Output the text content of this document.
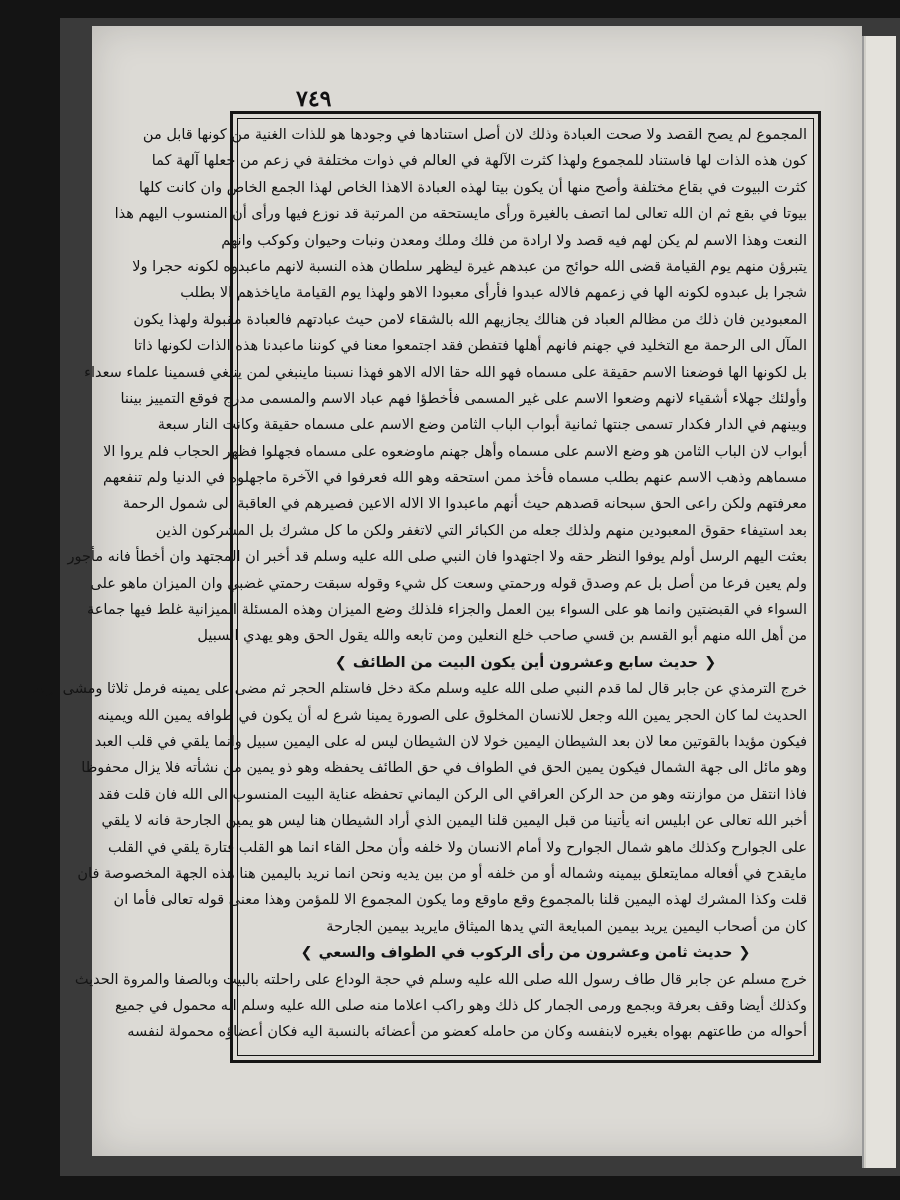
٧٤٩
المجموع لم يصح القصد ولا صحت العبادة وذلك لان أصل استنادها في وجودها هو للذات الغنية من كونها قابل من
كون هذه الذات لها فاستناد للمجموع ولهذا كثرت الآلهة في العالم في ذوات مختلفة في زعم من جعلها آلهة كما
كثرت البيوت في بقاع مختلفة وأصح منها أن يكون بيتا لهذه العبادة الاهذا الخاص لهذا الجمع الخاص وان كانت كلها
بيوتا في بقع ثم ان الله تعالى لما اتصف بالغيرة ورأى مايستحقه من المرتبة قد نوزع فيها ورأى أن المنسوب اليهم هذا
النعت وهذا الاسم لم يكن لهم فيه قصد ولا ارادة من فلك وملك ومعدن ونبات وحيوان وكوكب وانهم
يتبرؤن منهم يوم القيامة قضى الله حوائج من عبدهم غيرة ليظهر سلطان هذه النسبة لانهم ماعبدوه لكونه حجرا ولا
شجرا بل عبدوه لكونه الها في زعمهم فالاله عبدوا فأرأى معبودا الاهو ولهذا يوم القيامة ماياخذهم الا بطلب
المعبودين فان ذلك من مظالم العباد فن هنالك يجازيهم الله بالشقاء لامن حيث عبادتهم فالعبادة مقبولة ولهذا يكون
المآل الى الرحمة مع التخليد في جهنم فانهم أهلها فتفطن فقد اجتمعوا معنا في كوننا ماعبدنا هذه الذات لكونها ذاتا
بل لكونها الها فوضعنا الاسم حقيقة على مسماه فهو الله حقا الاله الاهو فهذا نسبنا ماينبغي لمن ينبغي فسمينا علماء سعداء
وأولئك جهلاء أشقياء لانهم وضعوا الاسم على غير المسمى فأخطؤا فهم عباد الاسم والمسمى مدرج فوقع التمييز بيننا
وبينهم في الدار فكدار تسمى جنتها ثمانية أبواب الباب الثامن وضع الاسم على مسماه حقيقة وكانت النار سبعة
أبواب لان الباب الثامن هو وضع الاسم على مسماه وأهل جهنم ماوضعوه على مسماه فجهلوا فظهر الحجاب فلم يروا الا
مسماهم وذهب الاسم عنهم بطلب مسماه فأخذ ممن استحقه وهو الله فعرفوا في الآخرة ماجهلوه في الدنيا ولم تنفعهم
معرفتهم ولكن راعى الحق سبحانه قصدهم حيث أنهم ماعبدوا الا الاله الاعين فصيرهم في العاقبة الى شمول الرحمة
بعد استيفاء حقوق المعبودين منهم ولذلك جعله من الكبائر التي لاتغفر ولكن ما كل مشرك بل المشركون الذين
بعثت اليهم الرسل أولم يوفوا النظر حقه ولا اجتهدوا فان النبي صلى الله عليه وسلم قد أخبر ان المجتهد وان أخطأ فانه مأجور
ولم يعين فرعا من أصل بل عم وصدق قوله ورحمتي وسعت كل شيء وقوله سبقت رحمتي غضبي وان الميزان ماهو على
السواء في القبضتين وانما هو على السواء بين العمل والجزاء فلذلك وضع الميزان وهذه المسئلة الميزانية غلط فيها جماعة
من أهل الله منهم أبو القسم بن قسي صاحب خلع النعلين ومن تابعه والله يقول الحق وهو يهدي السبيل
❮حديث سابع وعشرون أين يكون البيت من الطائف❯
خرج الترمذي عن جابر قال لما قدم النبي صلى الله عليه وسلم مكة دخل فاستلم الحجر ثم مضى على يمينه فرمل ثلاثا ومشى أربعا
الحديث لما كان الحجر يمين الله وجعل للانسان المخلوق على الصورة يمينا شرع له أن يكون في طوافه يمين الله ويمينه
فيكون مؤيدا بالقوتين معا لان بعد الشيطان اليمين خولا لان الشيطان ليس له على اليمين سبيل وانما يلقي في قلب العبد
وهو مائل الى جهة الشمال فيكون يمين الحق في الطواف في حق الطائف يحفظه وهو ذو يمين من نشأته فلا يزال محفوظا
فاذا انتقل من موازنته وهو من حد الركن العراقي الى الركن اليماني تحفظه عناية البيت المنسوب الى الله فان قلت فقد
أخبر الله تعالى عن ابليس انه يأتينا من قبل اليمين قلنا اليمين الذي أراد الشيطان هنا ليس هو يمين الجارحة فانه لا يلقي
على الجوارح وكذلك ماهو شمال الجوارح ولا أمام الانسان ولا خلفه وأن محل القاء انما هو القلب فتارة يلقي في القلب
مايقدح في أفعاله ممايتعلق بيمينه وشماله أو من خلفه أو من بين يديه ونحن انما نريد باليمين هنا هذه الجهة المخصوصة فان
قلت وكذا المشرك لهذه اليمين قلنا بالمجموع وقع ماوقع وما يكون المجموع الا للمؤمن وهذا معنى قوله تعالى فأما ان
كان من أصحاب اليمين يريد بيمين المبايعة التي يدها الميثاق مايريد بيمين الجارحة
❮حديث ثامن وعشرون من رأى الركوب في الطواف والسعي❯
خرج مسلم عن جابر قال طاف رسول الله صلى الله عليه وسلم في حجة الوداع على راحلته بالبيت وبالصفا والمروة الحديث
وكذلك أيضا وقف بعرفة وبجمع ورمى الجمار كل ذلك وهو راكب اعلاما منه صلى الله عليه وسلم انه محمول في جميع
أحواله من طاعتهم بهواه بغيره لابنفسه وكان من حامله كعضو من أعضائه بالنسبة اليه فكان أعضاؤه محمولة لنفسه
